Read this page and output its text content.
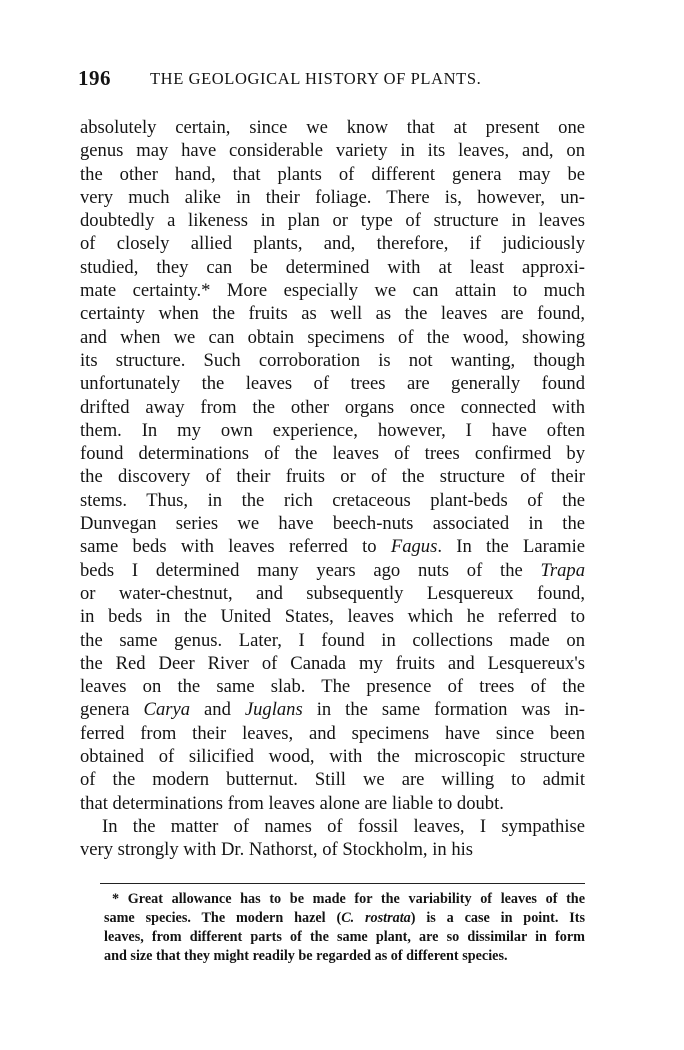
196 THE GEOLOGICAL HISTORY OF PLANTS.
absolutely certain, since we know that at present one
genus may have considerable variety in its leaves, and, on
the other hand, that plants of different genera may be
very much alike in their foliage. There is, however, un-
doubtedly a likeness in plan or type of structure in leaves
of closely allied plants, and, therefore, if judiciously
studied, they can be determined with at least approxi-
mate certainty.* More especially we can attain to much
certainty when the fruits as well as the leaves are found,
and when we can obtain specimens of the wood, showing
its structure. Such corroboration is not wanting, though
unfortunately the leaves of trees are generally found
drifted away from the other organs once connected with
them. In my own experience, however, I have often
found determinations of the leaves of trees confirmed by
the discovery of their fruits or of the structure of their
stems. Thus, in the rich cretaceous plant-beds of the
Dunvegan series we have beech-nuts associated in the
same beds with leaves referred to Fagus. In the Laramie
beds I determined many years ago nuts of the Trapa
or water-chestnut, and subsequently Lesquereux found,
in beds in the United States, leaves which he referred to
the same genus. Later, I found in collections made on
the Red Deer River of Canada my fruits and Lesquereux's
leaves on the same slab. The presence of trees of the
genera Carya and Juglans in the same formation was in-
ferred from their leaves, and specimens have since been
obtained of silicified wood, with the microscopic structure
of the modern butternut. Still we are willing to admit
that determinations from leaves alone are liable to doubt.
In the matter of names of fossil leaves, I sympathise
very strongly with Dr. Nathorst, of Stockholm, in his
* Great allowance has to be made for the variability of leaves of the
same species. The modern hazel (C. rostrata) is a case in point. Its
leaves, from different parts of the same plant, are so dissimilar in form
and size that they might readily be regarded as of different species.
